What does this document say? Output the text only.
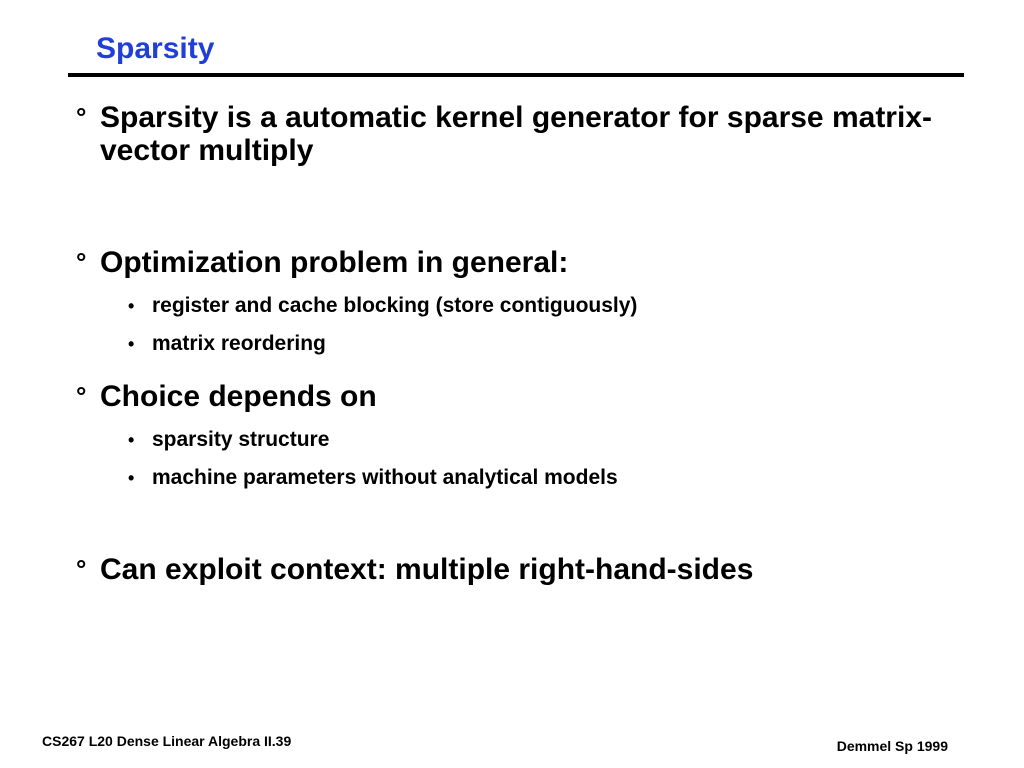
Sparsity
° Sparsity is a automatic kernel generator for sparse matrix-vector multiply
° Optimization problem in general:
• register and cache blocking (store contiguously)
• matrix reordering
° Choice depends on
• sparsity structure
• machine parameters without analytical models
° Can exploit context: multiple right-hand-sides
CS267 L20 Dense Linear Algebra II.39	Demmel Sp 1999
